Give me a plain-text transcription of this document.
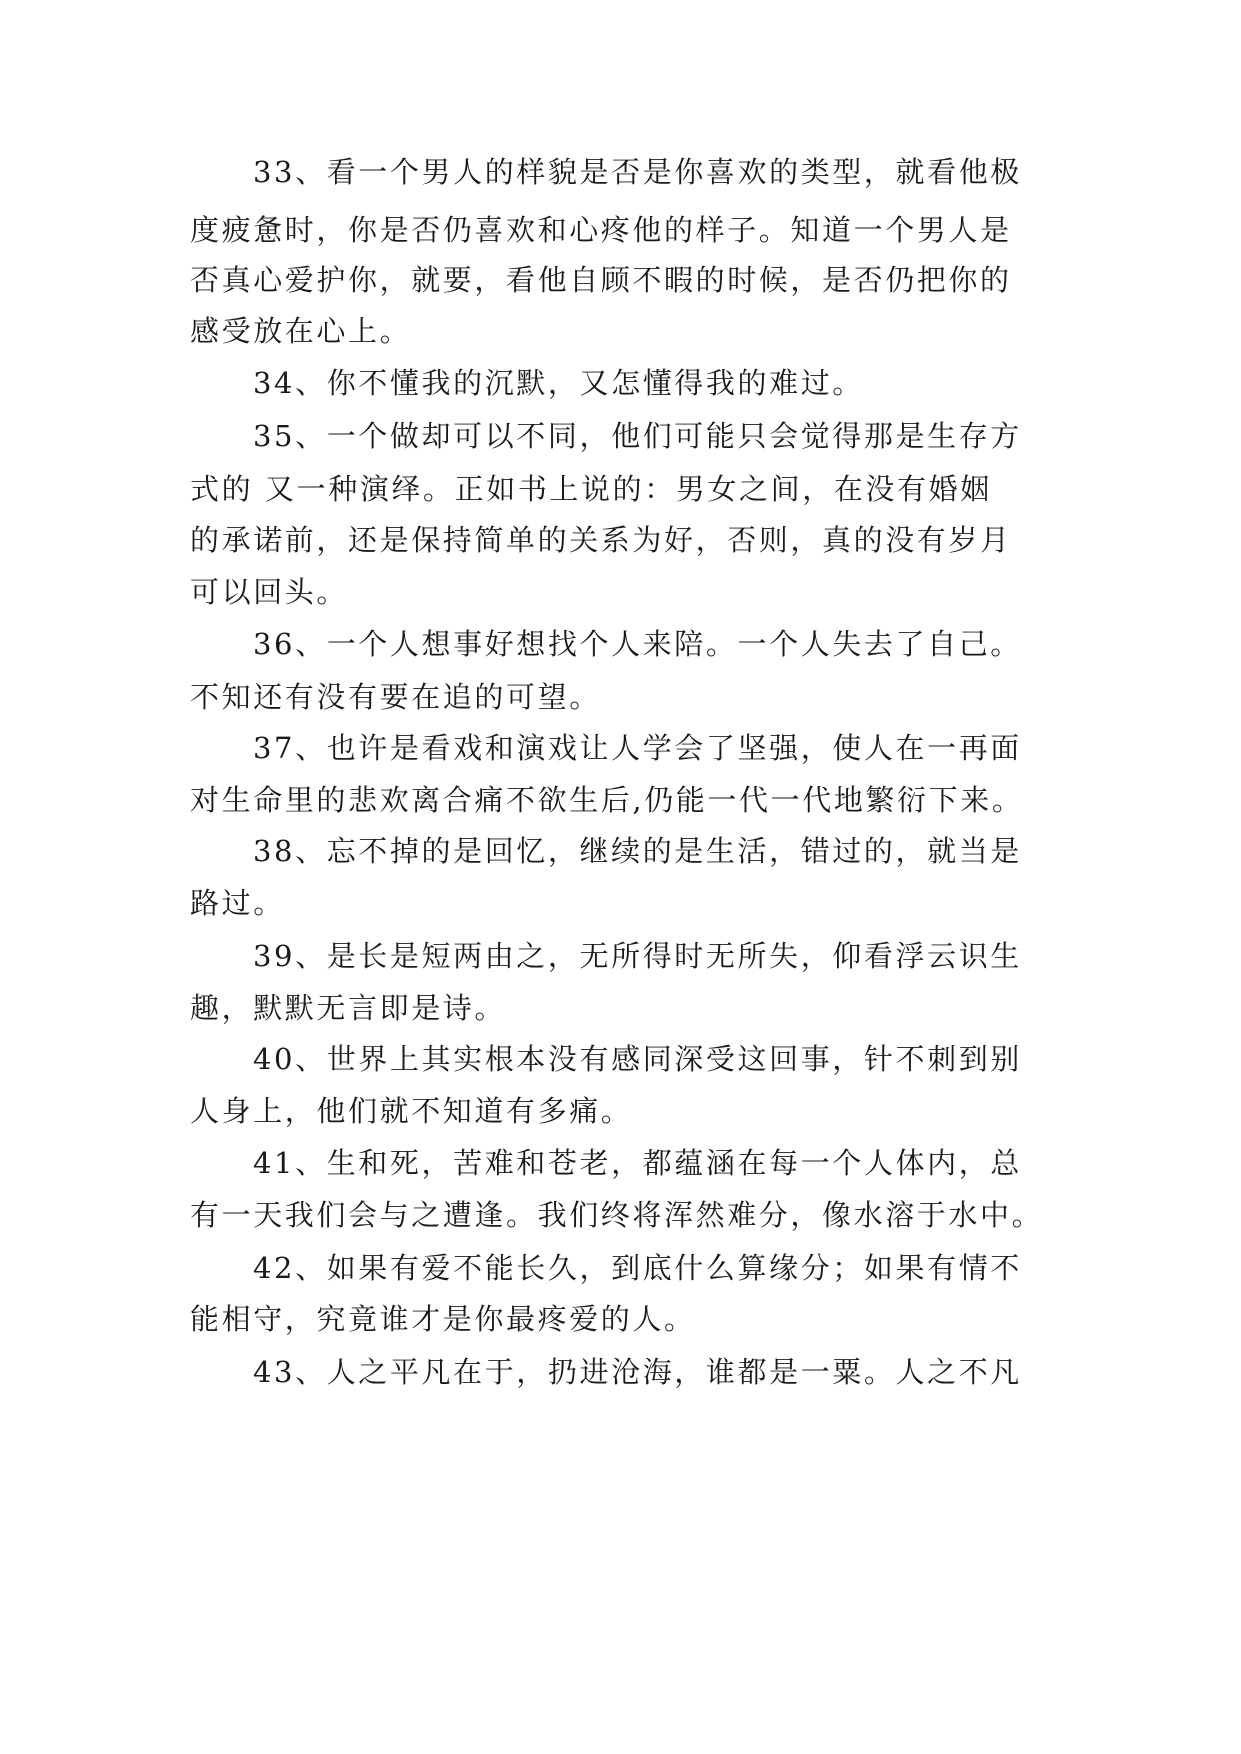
33、看一个男人的样貌是否是你喜欢的类型，就看他极
度疲惫时，你是否仍喜欢和心疼他的样子。知道一个男人是
否真心爱护你，就要，看他自顾不暇的时候，是否仍把你的
感受放在心上。
34、你不懂我的沉默，又怎懂得我的难过。
35、一个做却可以不同，他们可能只会觉得那是生存方
式的 又一种演绎。正如书上说的：男女之间，在没有婚姻
的承诺前，还是保持简单的关系为好，否则，真的没有岁月
可以回头。
36、一个人想事好想找个人来陪。一个人失去了自己。
不知还有没有要在追的可望。
37、也许是看戏和演戏让人学会了坚强，使人在一再面
对生命里的悲欢离合痛不欲生后,仍能一代一代地繁衍下来。
38、忘不掉的是回忆，继续的是生活，错过的，就当是
路过。
39、是长是短两由之，无所得时无所失，仰看浮云识生
趣，默默无言即是诗。
40、世界上其实根本没有感同深受这回事，针不刺到别
人身上，他们就不知道有多痛。
41、生和死，苦难和苍老，都蕴涵在每一个人体内，总
有一天我们会与之遭逢。我们终将浑然难分，像水溶于水中。
42、如果有爱不能长久，到底什么算缘分；如果有情不
能相守，究竟谁才是你最疼爱的人。
43、人之平凡在于，扔进沧海，谁都是一粟。人之不凡
